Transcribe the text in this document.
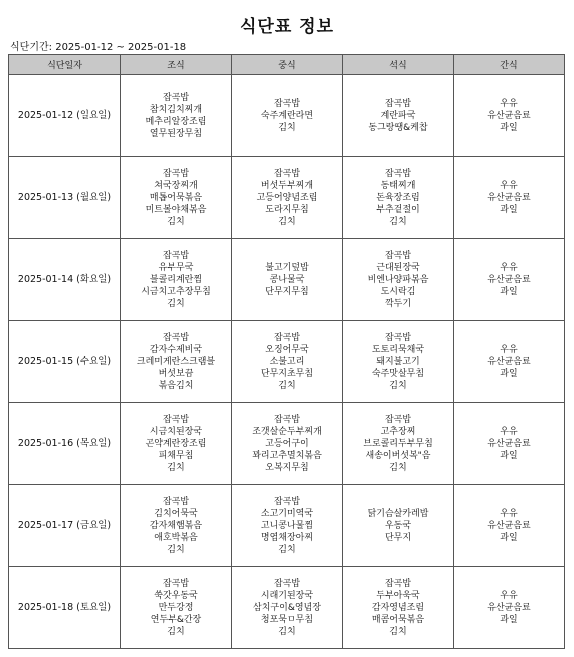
식단표 정보
식단기간: 2025-01-12 ~ 2025-01-18
식단일자	조식	중식	석식	간식
2025-01-12 (일요일)	잡곡밥
참치김치찌개
메추리알장조림
열무된장무침	잡곡밥
숙주계란라면
김치	잡곡밥
계란파국
동그랑땡&케찹	우유
유산균음료
과일

2025-01-13 (월요일)	잡곡밥
쳐국장찌개
매톱어묵볶음
미트볼야채볶음
김치	잡곡밥
버섯두부찌개
고등어양념조림
도라지무침
김치	잡곡밥
동태찌개
돈육장조림
부추겉절이
김치	우유
유산균음료
과일

2025-01-14 (화요일)	잡곡밥
유부무국
블콜리계란찜
시금치고추장무침
김치	불고기덮밥
콩나물국
단무지무침	잡곡밥
근대된장국
비엔나양파볶음
도시락김
깍두기	우유
유산균음료
과일

2025-01-15 (수요일)	잡곡밥
감자수제비국
크레미게란스크램블
버섯보끔
볶음김치	잡곡밥
오징어무국
소불고리
단무지초무침
김치	잡곡밥
도토리묵채국
돼지불고기
숙주맛살무침
김치	우유
유산균음료
과일

2025-01-16 (목요일)	잡곡밥
시금치된장국
곤약계란장조림
피채무침
김치	잡곡밥
조갯살순두부찌개
고등어구이
꽈리고추멸치볶음
오복지무침	잡곡밥
고추장찌
브로콜리두부무침
새송이버섯복"음
김치	우유
유산균음료
과일

2025-01-17 (금요일)	잡곡밥
김치어묵국
감자채햄볶음
애호박볶음
김치	잡곡밥
소고기미역국
고니콩나물찜
명엽채장아찌
김치	닭기슴살카레밥
우동국
단무지	우유
유산균음료
과일

2025-01-18 (토요일)	잡곡밥
쑥갓우동국
만두강정
연두부&간장
김치	잡곡밥
시래기된장국
삼치구이&영념장
청포묵ㅁ무침
김치	잡곡밥
두부아욱국
감자영념조림
매콤어묵볶음
김치	우유
유산균음료
과일
